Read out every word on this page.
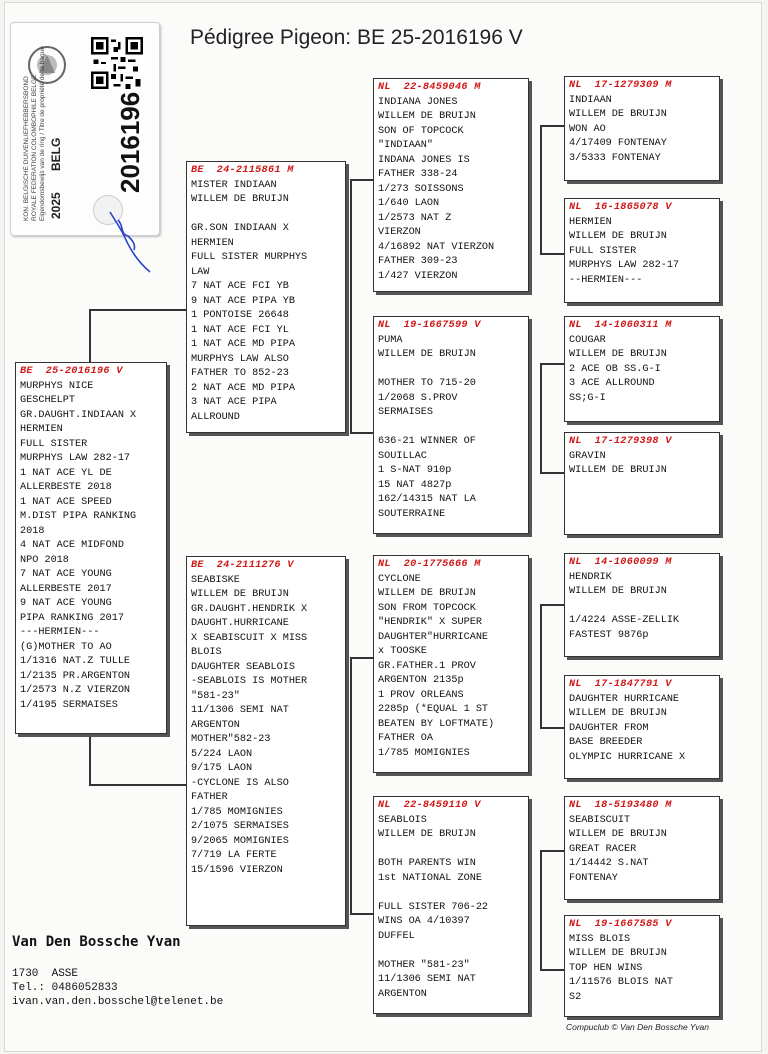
Pédigree Pigeon: BE 25-2016196 V
KON. BELGISCHE DUIVENLIEFHEBBERSBOND ROYALE FEDERATION COLOMBOPHILE BELGE Eigendomsbewijs van de ring / Titre de propriété de la bague 2025
BELG 2016196
BE  25-2016196 V
MURPHYS NICE
GESCHELPT
GR.DAUGHT.INDIAAN X
HERMIEN
FULL SISTER
MURPHYS LAW 282-17
1 NAT ACE YL DE
ALLERBESTE 2018
1 NAT ACE SPEED
M.DIST PIPA RANKING
2018
4 NAT ACE MIDFOND
NPO 2018
7 NAT ACE YOUNG
ALLERBESTE 2017
9 NAT ACE YOUNG
PIPA RANKING 2017
---HERMIEN---
(G)MOTHER TO AO
1/1316 NAT.Z TULLE
1/2135 PR.ARGENTON
1/2573 N.Z VIERZON
1/4195 SERMAISES
BE  24-2115861 M
MISTER INDIAAN
WILLEM DE BRUIJN
GR.SON INDIAAN X
HERMIEN
FULL SISTER MURPHYS
LAW
7 NAT ACE FCI YB
9 NAT ACE PIPA YB
1 PONTOISE 26648
1 NAT ACE FCI YL
1 NAT ACE MD PIPA
MURPHYS LAW ALSO
FATHER TO 852-23
2 NAT ACE MD PIPA
3 NAT ACE PIPA
ALLROUND
BE  24-2111276 V
SEABISKE
WILLEM DE BRUIJN
GR.DAUGHT.HENDRIK X
DAUGHT.HURRICANE
X SEABISCUIT X MISS
BLOIS
DAUGHTER SEABLOIS
-SEABLOIS IS MOTHER
"581-23"
11/1306 SEMI NAT
ARGENTON
MOTHER"582-23
5/224 LAON
9/175 LAON
-CYCLONE IS ALSO
FATHER
1/785 MOMIGNIES
2/1075 SERMAISES
9/2065 MOMIGNIES
7/719 LA FERTE
15/1596 VIERZON
NL  22-8459046 M
INDIANA JONES
WILLEM DE BRUIJN
SON OF TOPCOCK
"INDIAAN"
INDANA JONES IS
FATHER 338-24
1/273 SOISSONS
1/640 LAON
1/2573 NAT Z
VIERZON
4/16892 NAT VIERZON
FATHER 309-23
1/427 VIERZON
NL  19-1667599 V
PUMA
WILLEM DE BRUIJN
MOTHER TO 715-20
1/2068 S.PROV
SERMAISES
636-21 WINNER OF
SOUILLAC
1 S-NAT 910p
15 NAT 4827p
162/14315 NAT LA
SOUTERRAINE
NL  20-1775666 M
CYCLONE
WILLEM DE BRUIJN
SON FROM TOPCOCK
"HENDRIK" X SUPER
DAUGHTER"HURRICANE
x TOOSKE
GR.FATHER.1 PROV
ARGENTON 2135p
1 PROV ORLEANS
2285p (*EQUAL 1 ST
BEATEN BY LOFTMATE)
FATHER OA
1/785 MOMIGNIES
NL  22-8459110 V
SEABLOIS
WILLEM DE BRUIJN
BOTH PARENTS WIN
1st NATIONAL ZONE
FULL SISTER 706-22
WINS OA 4/10397
DUFFEL
MOTHER "581-23"
11/1306 SEMI NAT
ARGENTON
NL  17-1279309 M
INDIAAN
WILLEM DE BRUIJN
WON AO
4/17409 FONTENAY
3/5333 FONTENAY
NL  16-1865078 V
HERMIEN
WILLEM DE BRUIJN
FULL SISTER
MURPHYS LAW 282-17
--HERMIEN---
NL  14-1060311 M
COUGAR
WILLEM DE BRUIJN
2 ACE OB SS.G-I
3 ACE ALLROUND
SS;G-I
NL  17-1279398 V
GRAVIN
WILLEM DE BRUIJN
NL  14-1060099 M
HENDRIK
WILLEM DE BRUIJN
1/4224 ASSE-ZELLIK
FASTEST 9876p
NL  17-1847791 V
DAUGHTER HURRICANE
WILLEM DE BRUIJN
DAUGHTER FROM
BASE BREEDER
OLYMPIC HURRICANE X
NL  18-5193480 M
SEABISCUIT
WILLEM DE BRUIJN
GREAT RACER
1/14442 S.NAT
FONTENAY
NL  19-1667585 V
MISS BLOIS
WILLEM DE BRUIJN
TOP HEN WINS
1/11576 BLOIS NAT
S2
Van Den Bossche Yvan
1730  ASSE
Tel.: 0486052833
ivan.van.den.bosschel@telenet.be
Compuclub © Van Den Bossche Yvan
